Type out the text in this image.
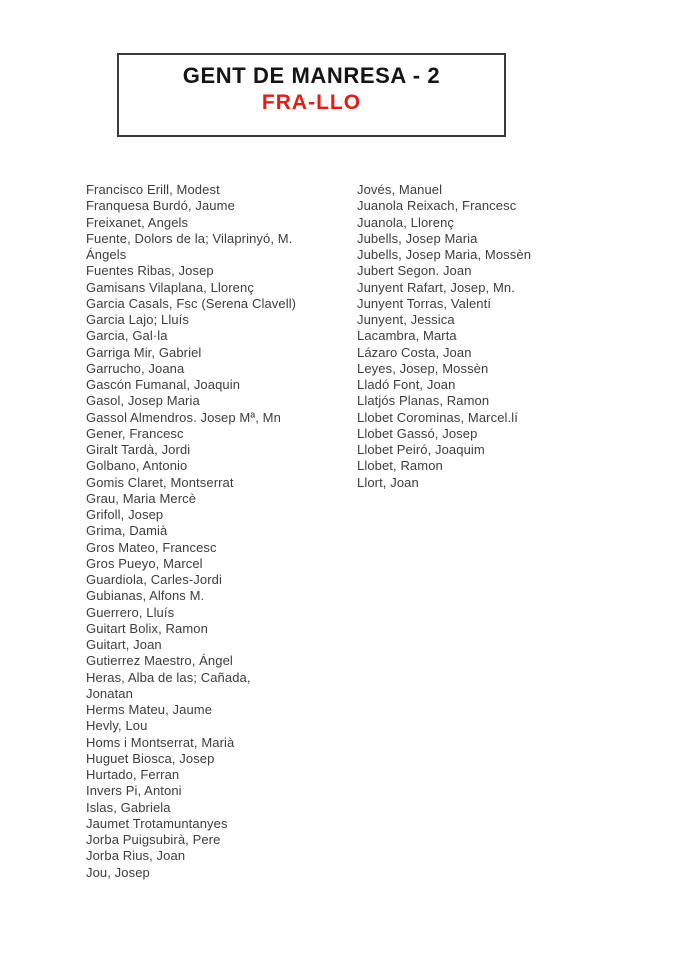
GENT DE MANRESA - 2
FRA-LLO
Francisco Erill, Modest
Franquesa Burdó, Jaume
Freixanet, Angels
Fuente, Dolors de la; Vilaprinyó, M.
Ángels
Fuentes Ribas, Josep
Gamisans Vilaplana, Llorenç
Garcia Casals, Fsc (Serena Clavell)
Garcia Lajo; Lluís
Garcia, Gal·la
Garriga Mir, Gabriel
Garrucho, Joana
Gascón Fumanal, Joaquin
Gasol, Josep Maria
Gassol Almendros. Josep Mª, Mn
Gener, Francesc
Giralt Tardà, Jordi
Golbano, Antonio
Gomis Claret, Montserrat
Grau, Maria Mercè
Grifoll, Josep
Grima, Damià
Gros Mateo, Francesc
Gros Pueyo, Marcel
Guardiola, Carles-Jordi
Gubianas, Alfons M.
Guerrero, Lluís
Guitart Bolix, Ramon
Guitart, Joan
Gutierrez Maestro, Ángel
Heras, Alba de las; Cañada,
Jonatan
Herms Mateu, Jaume
Hevly, Lou
Homs i Montserrat, Marià
Huguet Biosca, Josep
Hurtado, Ferran
Invers Pi, Antoni
Islas, Gabriela
Jaumet Trotamuntanyes
Jorba Puigsubirà, Pere
Jorba Rius, Joan
Jou, Josep
Jovés, Manuel
Juanola Reixach, Francesc
Juanola, Llorenç
Jubells, Josep Maria
Jubells, Josep Maria, Mossèn
Jubert Segon. Joan
Junyent Rafart, Josep, Mn.
Junyent Torras, Valentí
Junyent, Jessica
Lacambra, Marta
Lázaro Costa, Joan
Leyes, Josep, Mossèn
Lladó Font, Joan
Llatjós Planas, Ramon
Llobet Corominas, Marcel.lí
Llobet Gassó, Josep
Llobet Peiró, Joaquim
Llobet, Ramon
Llort, Joan
